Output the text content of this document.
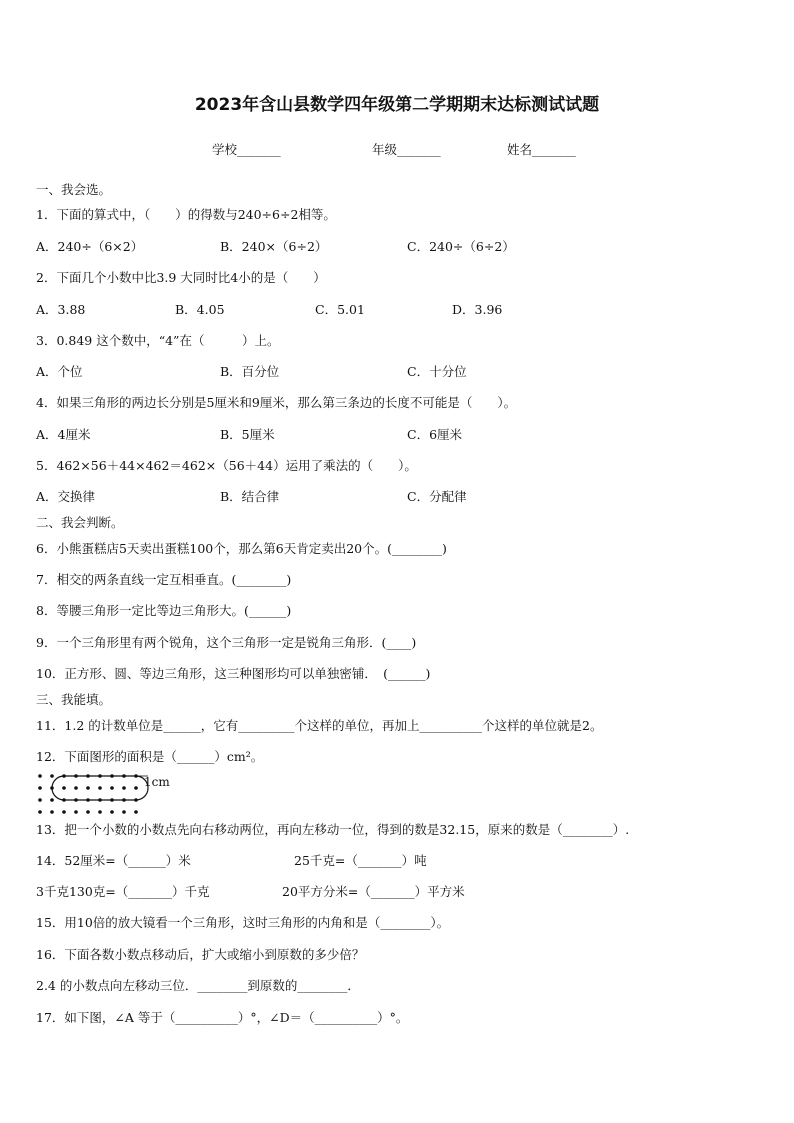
2023年含山县数学四年级第二学期期末达标测试试题
学校_______	年级_______	姓名_______
一、我会选。
1．下面的算式中，（　　）的得数与240÷6÷2相等。
A．240÷（6×2）	B．240×（6÷2）	C．240÷（6÷2）
2．下面几个小数中比3.9 大同时比4小的是（　　）
A．3.88	B．4.05	C．5.01	D．3.96
3．0.849 这个数中，“4”在（　　　）上。
A．个位	B．百分位	C．十分位
4．如果三角形的两边长分别是5厘米和9厘米，那么第三条边的长度不可能是（　　）。
A．4厘米	B．5厘米	C．6厘米
5．462×56＋44×462＝462×（56＋44）运用了乘法的（　　）。
A．交换律	B．结合律	C．分配律
二、我会判断。
6．小熊蛋糕店5天卖出蛋糕100个，那么第6天肯定卖出20个。(________)
7．相交的两条直线一定互相垂直。(________)
8．等腰三角形一定比等边三角形大。(______)
9．一个三角形里有两个锐角，这个三角形一定是锐角三角形．(____)
10．正方形、圆、等边三角形，这三种图形均可以单独密铺．　(______)
三、我能填。
11．1.2 的计数单位是______，它有_________个这样的单位，再加上__________个这样的单位就是2。
12．下面图形的面积是（______）cm²。
1cm
13．把一个小数的小数点先向右移动两位，再向左移动一位，得到的数是32.15，原来的数是（________）.
14．52厘米=（______）米	25千克=（_______）吨
3千克130克=（_______）千克	20平方分米=（_______）平方米
15．用10倍的放大镜看一个三角形，这时三角形的内角和是（________）。
16．下面各数小数点移动后，扩大或缩小到原数的多少倍？
2.4 的小数点向左移动三位．________到原数的________．
17．如下图，∠A 等于（__________）°，∠D＝（__________）°。
